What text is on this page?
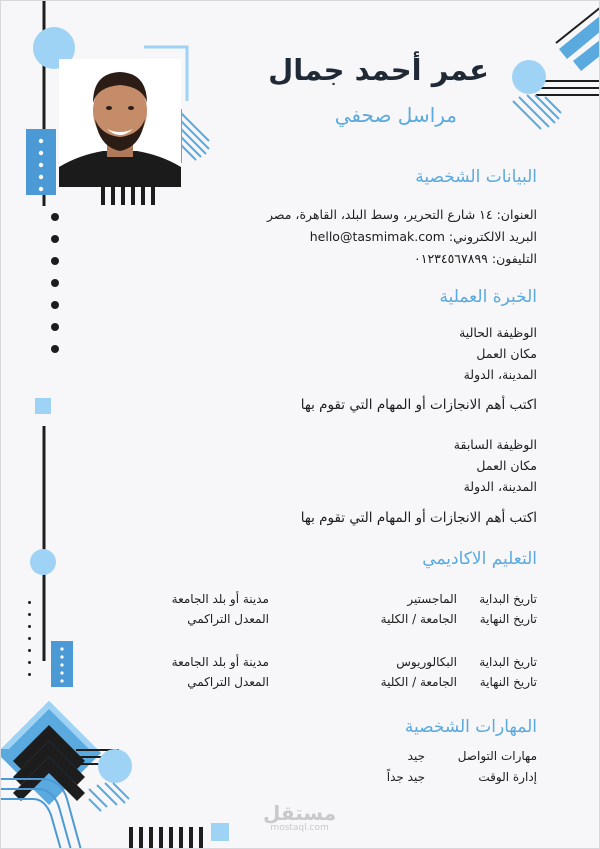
عمر أحمد جمال
مراسل صحفي
البيانات الشخصية
العنوان: ١٤ شارع التحرير، وسط البلد، القاهرة، مصر
البريد الالكتروني: hello@tasmimak.com
التليفون: ٠١٢٣٤٥٦٧٨٩٩
الخبرة العملية
الوظيفة الحالية
مكان العمل
المدينة، الدولة
اكتب أهم الانجازات أو المهام التي تقوم بها
الوظيفة السابقة
مكان العمل
المدينة، الدولة
اكتب أهم الانجازات أو المهام التي تقوم بها
التعليم الاكاديمي
تاريخ البداية
تاريخ النهاية
الماجستير
الجامعة / الكلية
مدينة أو بلد الجامعة
المعدل التراكمي
تاريخ البداية
تاريخ النهاية
البكالوريوس
الجامعة / الكلية
مدينة أو بلد الجامعة
المعدل التراكمي
المهارات الشخصية
مهارات التواصل
جيد
إدارة الوقت
جيد جداً
مستقل
mostaql.com
